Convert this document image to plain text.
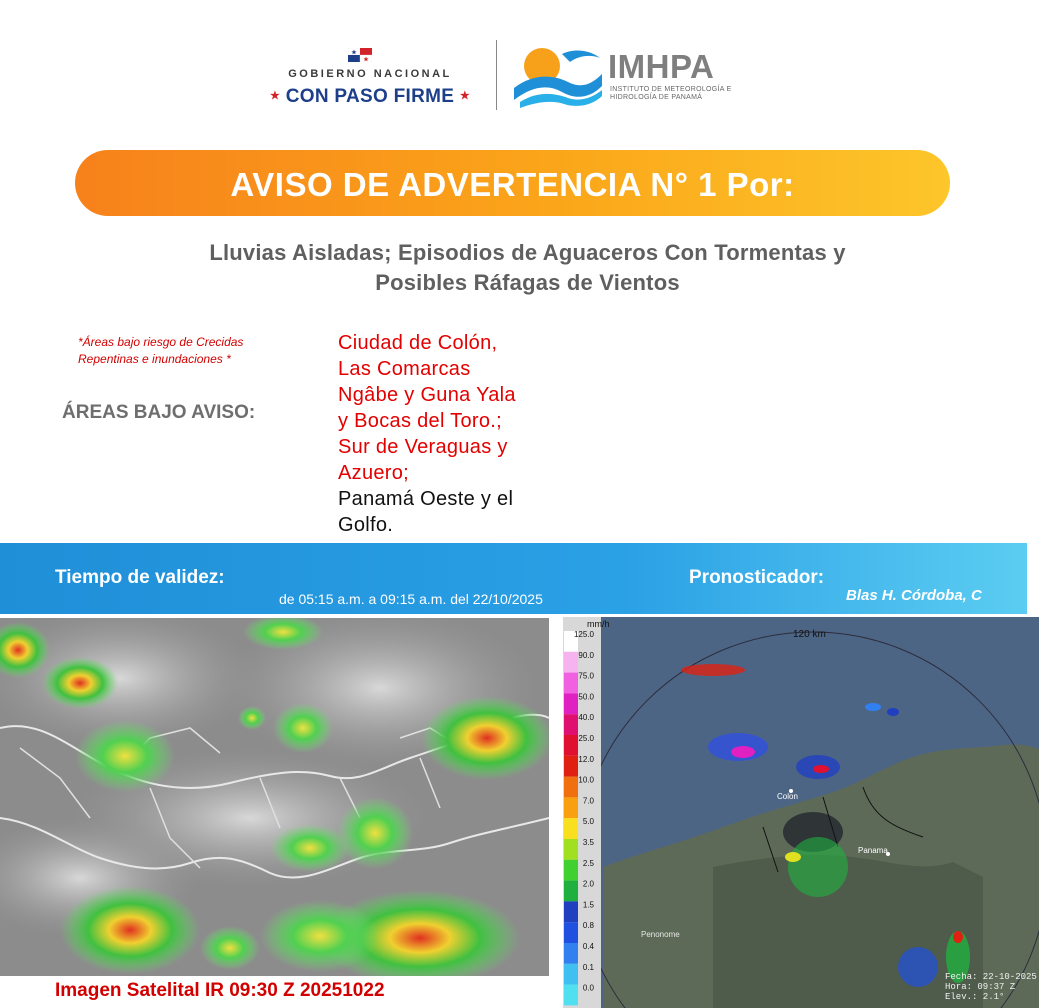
GOBIERNO NACIONAL
★ CON PASO FIRME ★
IMHPA
INSTITUTO DE METEOROLOGÍA E HIDROLOGÍA DE PANAMÁ
AVISO DE ADVERTENCIA N° 1 Por:
Lluvias Aisladas; Episodios de Aguaceros Con Tormentas y
Posibles Ráfagas de Vientos
*Áreas bajo riesgo de Crecidas
Repentinas e inundaciones *
ÁREAS BAJO AVISO:
Ciudad de Colón,
Las Comarcas
Ngâbe y Guna Yala
y Bocas del Toro.;
Sur de Veraguas y
Azuero;
Panamá Oeste y el
Golfo.
Tiempo de validez:
de 05:15 a.m. a 09:15 a.m. del 22/10/2025
Pronosticador:
Blas H. Córdoba, C
Imagen Satelital IR 09:30 Z 20251022
125.0
90.0
75.0
50.0
40.0
25.0
12.0
10.0
7.0
5.0
3.5
2.5
2.0
1.5
0.8
0.4
0.1
0.0
mm/h
120 km
Colon
Panama
Penonome
Fecha: 22-10-2025
Hora: 09:37 Z
Elev.: 2.1°
